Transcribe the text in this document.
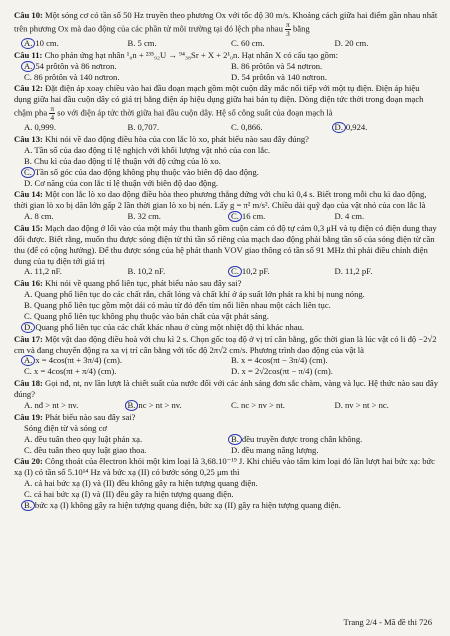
Câu 10: Một sóng cơ có tần số 50 Hz truyền theo phương Ox với tốc độ 30 m/s. Khoảng cách giữa hai điểm gần nhau nhất trên phương Ox mà dao động của các phần tử môi trường tại đó lệch pha nhau $\frac{\pi}{3}$ bằng

A. 10 cm.	B. 5 cm.	C. 60 cm.	D. 20 cm.

Câu 11: Cho phản ứng hạt nhân ¹₀n + ²³⁵₉₂U → ⁹⁴₃₈Sr + X + 2¹₀n. Hạt nhân X có cấu tạo gồm:

A. 54 prôtôn và 86 nơtron.	B. 86 prôtôn và 54 nơtron.
C. 86 prôtôn và 140 nơtron.	D. 54 prôtôn và 140 nơtron.

Câu 12: Đặt điện áp xoay chiều vào hai đầu đoạn mạch gồm một cuộn dây mắc nối tiếp với một tụ điện. Điện áp hiệu dụng giữa hai đầu cuộn dây có giá trị bằng điện áp hiệu dụng giữa hai bản tụ điện. Dòng điện tức thời trong đoạn mạch chậm pha $\frac{\pi}{4}$ so với điện áp tức thời giữa hai đầu cuộn dây. Hệ số công suất của đoạn mạch là

A. 0,999.	B. 0,707.	C. 0,866.	D. 0,924.

Câu 13: Khi nói về dao động điều hòa của con lắc lò xo, phát biểu nào sau đây đúng?

A. Tần số của dao động tỉ lệ nghịch với khối lượng vật nhỏ của con lắc.

B. Chu kì của dao động tỉ lệ thuận với độ cứng của lò xo.

C. Tần số góc của dao động không phụ thuộc vào biên độ dao động.

D. Cơ năng của con lắc tỉ lệ thuận với biên độ dao động.

Câu 14: Một con lắc lò xo dao động điều hòa theo phương thẳng đứng với chu kì 0,4 s. Biết trong mỗi chu kì dao động, thời gian lò xo bị dãn lớn gấp 2 lần thời gian lò xo bị nén. Lấy g = π² m/s². Chiều dài quỹ đạo của vật nhỏ của con lắc là

A. 8 cm.	B. 32 cm.	C. 16 cm.	D. 4 cm.

Câu 15: Mạch dao động ở lối vào của một máy thu thanh gồm cuộn cảm có độ tự cảm 0,3 μH và tụ điện có điện dung thay đổi được. Biết rằng, muốn thu được sóng điện từ thì tần số riêng của mạch dao động phải bằng tần số của sóng điện từ cần thu (để có cộng hưởng). Để thu được sóng của hệ phát thanh VOV giao thông có tần số 91 MHz thì phải điều chỉnh điện dung của tụ điện tới giá trị

A. 11,2 nF.	B. 10,2 nF.	C. 10,2 pF.	D. 11,2 pF.

Câu 16: Khi nói về quang phổ liên tục, phát biểu nào sau đây sai?

A. Quang phổ liên tục do các chất rắn, chất lỏng và chất khí ở áp suất lớn phát ra khi bị nung nóng.

B. Quang phổ liên tục gồm một dải có màu từ đỏ đến tím nối liền nhau một cách liên tục.

C. Quang phổ liên tục không phụ thuộc vào bản chất của vật phát sáng.

D. Quang phổ liên tục của các chất khác nhau ở cùng một nhiệt độ thì khác nhau.

Câu 17: Một vật dao động điều hoà với chu kì 2 s. Chọn gốc toạ độ ở vị trí cân bằng, gốc thời gian là lúc vật có li độ −2√2 cm và đang chuyển động ra xa vị trí cân bằng với tốc độ 2π√2 cm/s. Phương trình dao động của vật là

A. x = 4cos(πt + 3π/4) (cm).	B. x = 4cos(πt − 3π/4) (cm).
C. x = 4cos(πt + π/4) (cm).	D. x = 2√2cos(πt − π/4) (cm).

Câu 18: Gọi nđ, nt, nv lần lượt là chiết suất của nước đối với các ánh sáng đơn sắc chàm, vàng và lục. Hệ thức nào sau đây đúng?

A. nđ > nt > nv.	B. nc > nt > nv.	C. nc > nv > nt.	D. nv > nt > nc.

Câu 19: Phát biểu nào sau đây sai?

Sóng điện từ và sóng cơ

A. đều tuân theo quy luật phản xạ.	B. đều truyền được trong chân không.
C. đều tuân theo quy luật giao thoa.	D. đều mang năng lượng.

Câu 20: Công thoát của êlectron khỏi một kim loại là 3,68.10⁻¹⁹ J. Khi chiếu vào tấm kim loại đó lần lượt hai bức xạ: bức xạ (I) có tần số 5.10¹⁴ Hz và bức xạ (II) có bước sóng 0,25 μm thì

A. cả hai bức xạ (I) và (II) đều không gây ra hiện tượng quang điện.

C. cả hai bức xạ (I) và (II) đều gây ra hiện tượng quang điện.

B. bức xạ (I) không gây ra hiện tượng quang điện, bức xạ (II) gây ra hiện tượng quang điện.

Trang 2/4 - Mã đề thi 726
